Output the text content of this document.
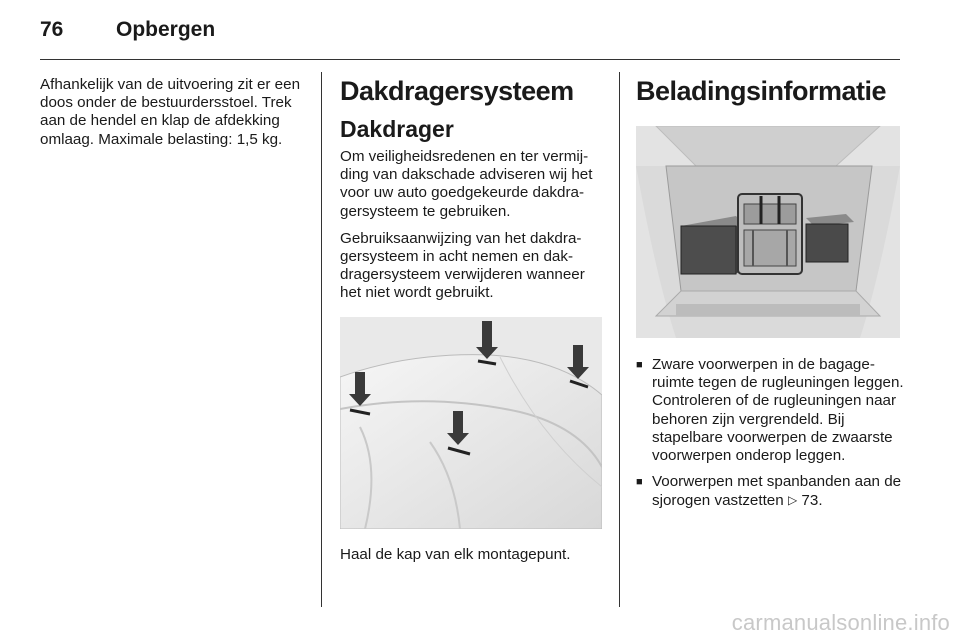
76	Opbergen

Afhankelijk van de uitvoering zit er een doos onder de bestuurdersstoel. Trek aan de hendel en klap de afdekking omlaag. Maximale belasting: 1,5 kg.

Dakdragersysteem
Dakdrager

Om veiligheidsredenen en ter vermijding van dakschade adviseren wij het voor uw auto goedgekeurde dakdragersysteem te gebruiken.

Gebruiksaanwijzing van het dakdragersysteem in acht nemen en dakdragersysteem verwijderen wanneer het niet wordt gebruikt.

Haal de kap van elk montagepunt.

Beladingsinformatie
■ Zware voorwerpen in de bagageruimte tegen de rugleuningen leggen. Controleren of de rugleuningen naar behoren zijn vergrendeld. Bij stapelbare voorwerpen de zwaarste voorwerpen onderop leggen.
■ Voorwerpen met spanbanden aan de sjorogen vastzetten ▷ 73.
carmanualsonline.info
